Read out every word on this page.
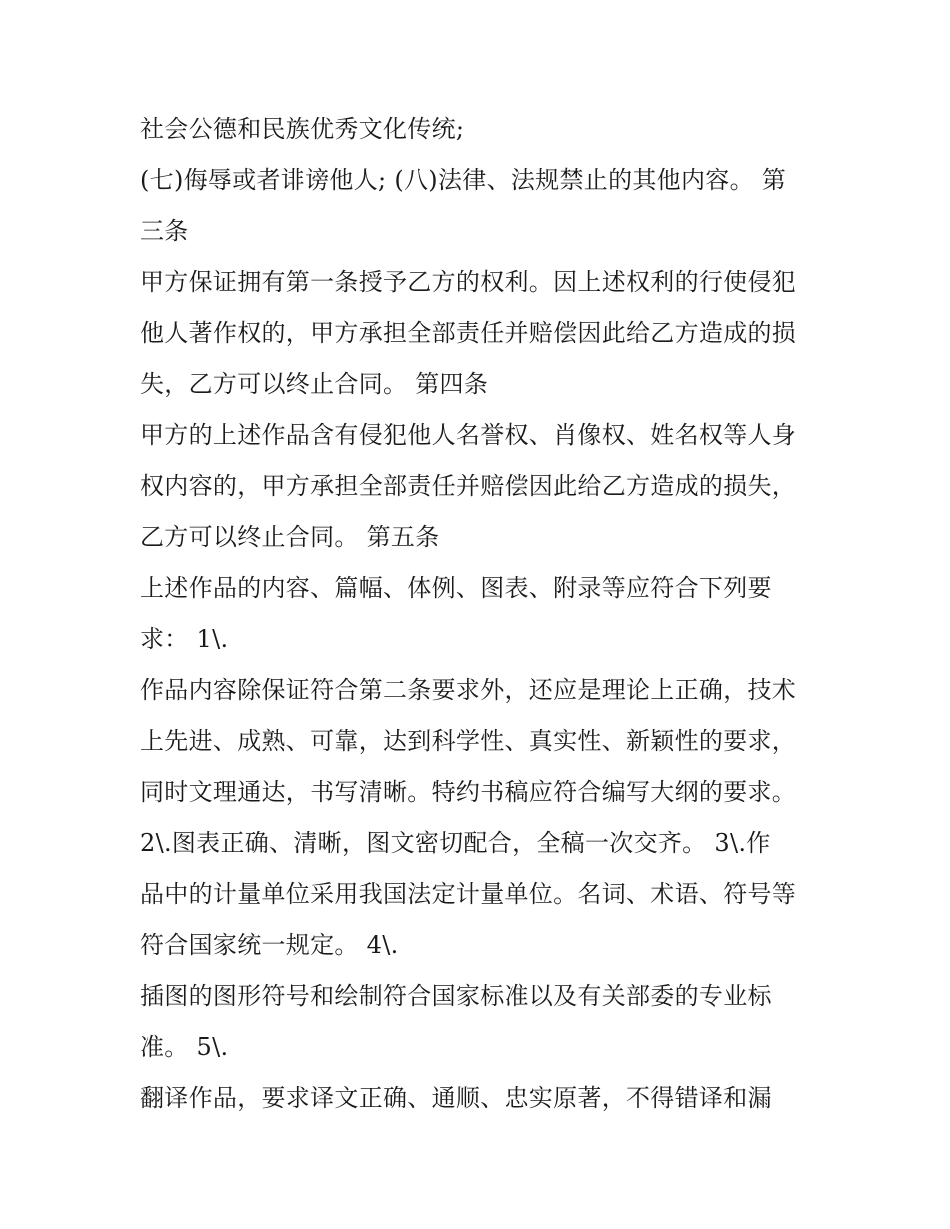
社会公德和民族优秀文化传统;
(七)侮辱或者诽谤他人; (八)法律、法规禁止的其他内容。 第
三条
甲方保证拥有第一条授予乙方的权利。因上述权利的行使侵犯
他人著作权的，甲方承担全部责任并赔偿因此给乙方造成的损
失，乙方可以终止合同。 第四条
甲方的上述作品含有侵犯他人名誉权、肖像权、姓名权等人身
权内容的，甲方承担全部责任并赔偿因此给乙方造成的损失，
乙方可以终止合同。 第五条
上述作品的内容、篇幅、体例、图表、附录等应符合下列要
求： 1\.
作品内容除保证符合第二条要求外，还应是理论上正确，技术
上先进、成熟、可靠，达到科学性、真实性、新颖性的要求，
同时文理通达，书写清晰。特约书稿应符合编写大纲的要求。
2\.图表正确、清晰，图文密切配合，全稿一次交齐。 3\.作
品中的计量单位采用我国法定计量单位。名词、术语、符号等
符合国家统一规定。 4\.
插图的图形符号和绘制符合国家标准以及有关部委的专业标
准。 5\.
翻译作品，要求译文正确、通顺、忠实原著，不得错译和漏
